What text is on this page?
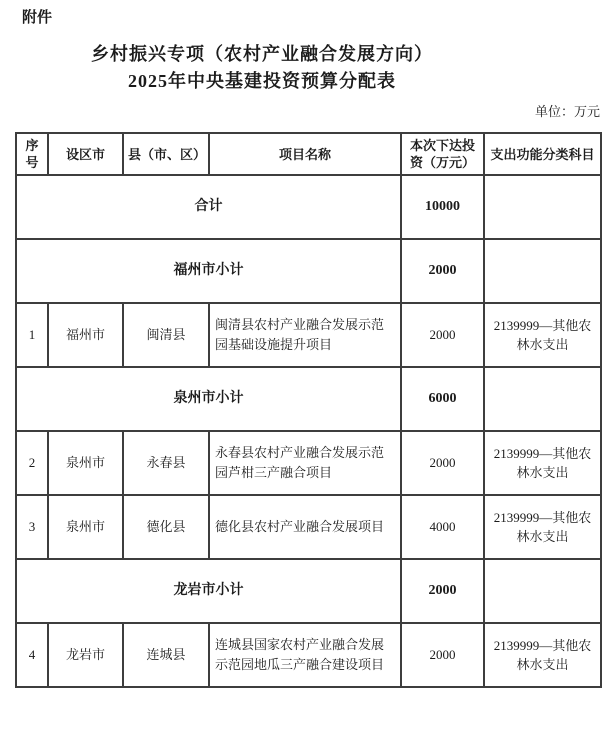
附件
乡村振兴专项（农村产业融合发展方向）
2025年中央基建投资预算分配表
单位：万元
序号	设区市	县（市、区）	项目名称	本次下达投资（万元）	支出功能分类科目
合计				10000	
福州市小计				2000	
1	福州市	闽清县	闽清县农村产业融合发展示范园基础设施提升项目	2000	2139999—其他农林水支出
泉州市小计				6000	
2	泉州市	永春县	永春县农村产业融合发展示范园芦柑三产融合项目	2000	2139999—其他农林水支出
3	泉州市	德化县	德化县农村产业融合发展项目	4000	2139999—其他农林水支出
龙岩市小计				2000	
4	龙岩市	连城县	连城县国家农村产业融合发展示范园地瓜三产融合建设项目	2000	2139999—其他农林水支出
